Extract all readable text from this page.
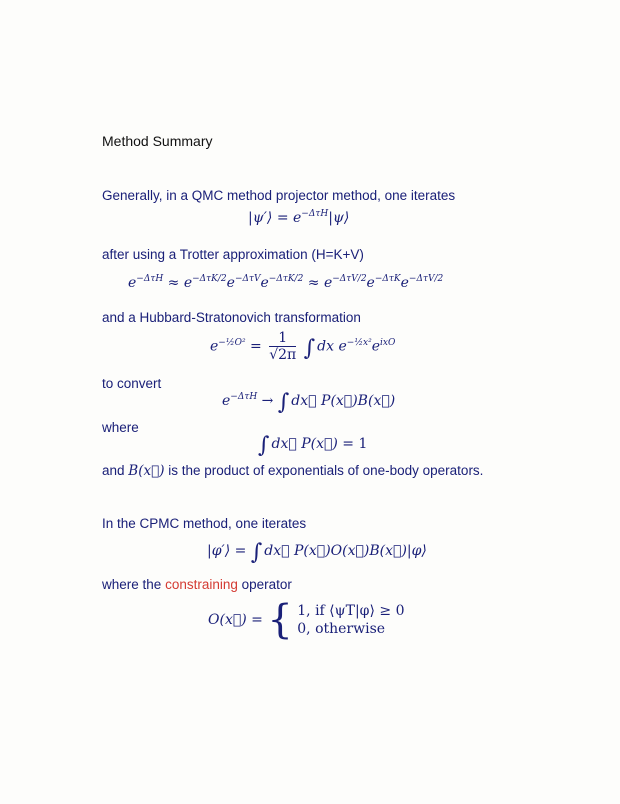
Method Summary
Generally, in a QMC method projector method, one iterates
|ψ′⟩ = $e^{-\Delta\tau H}|\psi⟩$
after using a Trotter approximation (H=K+V)
$e^{-\Delta\tau H} \approx e^{-\Delta\tau K/2}e^{-\Delta\tau V}e^{-\Delta\tau K/2} \approx e^{-\Delta\tau V/2}e^{-\Delta\tau K}e^{-\Delta\tau V/2}$
and a Hubbard-Stratonovich transformation
$e^{-\frac{1}{2}O^2} = \frac{1}{√2\pi}$ ∫ dx $e^{-\frac{1}{2}x^2}e^{ixO}$
to convert
$e^{-\Delta\tau H}$ → ∫ dx⃗ P(x⃗)B(x⃗)
where
∫ dx⃗ P(x⃗) = 1
and B(x⃗) is the product of exponentials of one-body operators.
In the CPMC method, one iterates
|φ′⟩ = ∫ dx⃗ P(x⃗)O(x⃗)B(x⃗)|φ⟩
where the constraining operator
O(x⃗) = { 1, if ⟨ψT|φ⟩ ≥ 0
0, otherwise
